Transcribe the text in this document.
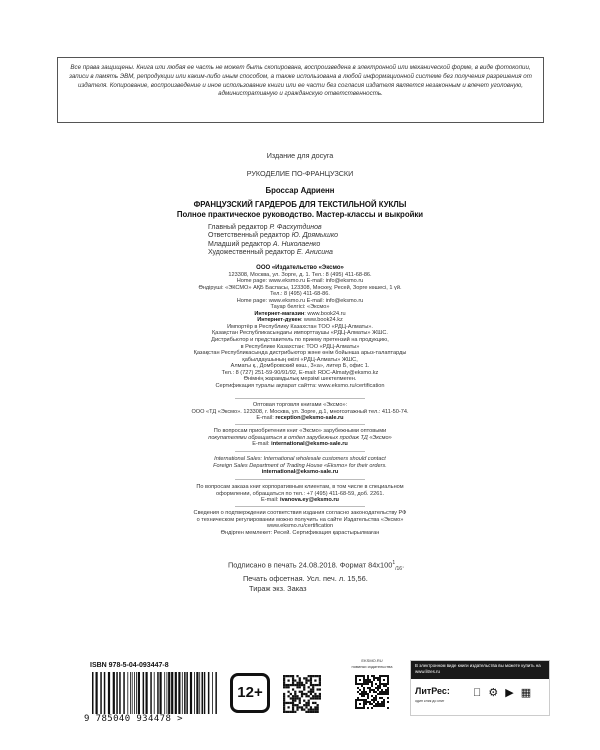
Все права защищены. Книга или любая ее часть не может быть скопирована, воспроизведена в электронной или механической форме, в виде фотокопии, записи в память ЭВМ, репродукции или каким-либо иным способом, а также использована в любой информационной системе без получения разрешения от издателя. Копирование, воспроизведение и иное использование книги или ее части без согласия издателя является незаконным и влечет уголовную, административную и гражданскую ответственность.
Издание для досуга
РУКОДЕЛИЕ ПО-ФРАНЦУЗСКИ
Броссар Адриенн
ФРАНЦУЗСКИЙ ГАРДЕРОБ ДЛЯ ТЕКСТИЛЬНОЙ КУКЛЫ
Полное практическое руководство. Мастер-классы и выкройки
Главный редактор Р. Фасхутдинов
Ответственный редактор Ю. Дрямышко
Младший редактор А. Николаенко
Художественный редактор Е. Анисина
ООО «Издательство «Эксмо»
123308, Москва, ул. Зорге, д. 1. Тел.: 8 (495) 411-68-86.
Home page: www.eksmo.ru E-mail: info@eksmo.ru
Өндіруші: «ЭКСМО» АҚБ Баспасы, 123308, Мәскеу, Ресей, Зорге көшесі, 1 үй.
Тел.: 8 (495) 411-68-86.
Home page: www.eksmo.ru E-mail: info@eksmo.ru
Тауар белгісі: «Эксмо»
Интернет-магазин: www.book24.ru
Интернет-дүкен: www.book24.kz
Импортёр в Республику Казахстан ТОО «РДЦ-Алматы».
Қазақстан Республикасындағы импорттаушы «РДЦ-Алматы» ЖШС.
Дистрибьютор и представитель по приему претензий на продукцию,
в Республике Казахстан: ТОО «РДЦ-Алматы»
Қазақстан Республикасында дистрибьютор және өнім бойынша арыз-талаптарды
қабылдаушының өкілі «РДЦ-Алматы» ЖШС,
Алматы қ., Домбровский көш., 3«а», литер Б, офис 1.
Тел.: 8 (727) 251-59-90/91/92, E-mail: RDC-Almaty@eksmo.kz
Өнімнің жарамдылық мерзімі шектелмеген.
Сертификация туралы ақпарат сайтта: www.eksmo.ru/certification
Оптовая торговля книгами «Эксмо»:
ООО «ТД «Эксмо». 123308, г. Москва, ул. Зорге, д.1, многоэтажный тел.: 411-50-74.
E-mail: reception@eksmo-sale.ru
По вопросам приобретения книг «Эксмо» зарубежными оптовыми
покупателями обращаться в отдел зарубежных продаж ТД «Эксмо»
E-mail: international@eksmo-sale.ru
International Sales: International wholesale customers should contact
Foreign Sales Department of Trading House «Eksmo» for their orders.
international@eksmo-sale.ru
По вопросам заказа книг корпоративным клиентам, в том числе в специальном
оформлении, обращаться по тел.: +7 (495) 411-68-59, доб. 2261.
E-mail: ivanova.ey@eksmo.ru
Сведения о подтверждении соответствия издания согласно законодательству РФ
о техническом регулировании можно получить на сайте Издательства «Эксмо»
www.eksmo.ru/certification
Өндірген мемлекет: Ресей. Сертификация қарастырылмаған
Подписано в печать 24.08.2018. Формат $84x100^1_{/16}$.
Печать офсетная. Усл. печ. л. 15,56.
Тираж экз. Заказ
ISBN 978-5-04-093447-8
9 785040 934478 >
12+
EKSMO.RU
новинки издательства	В электронном виде книги издательства вы можете купить на www.litres.ru
ЛитРес:
один клик до книг
⚙ ▶ ▦
